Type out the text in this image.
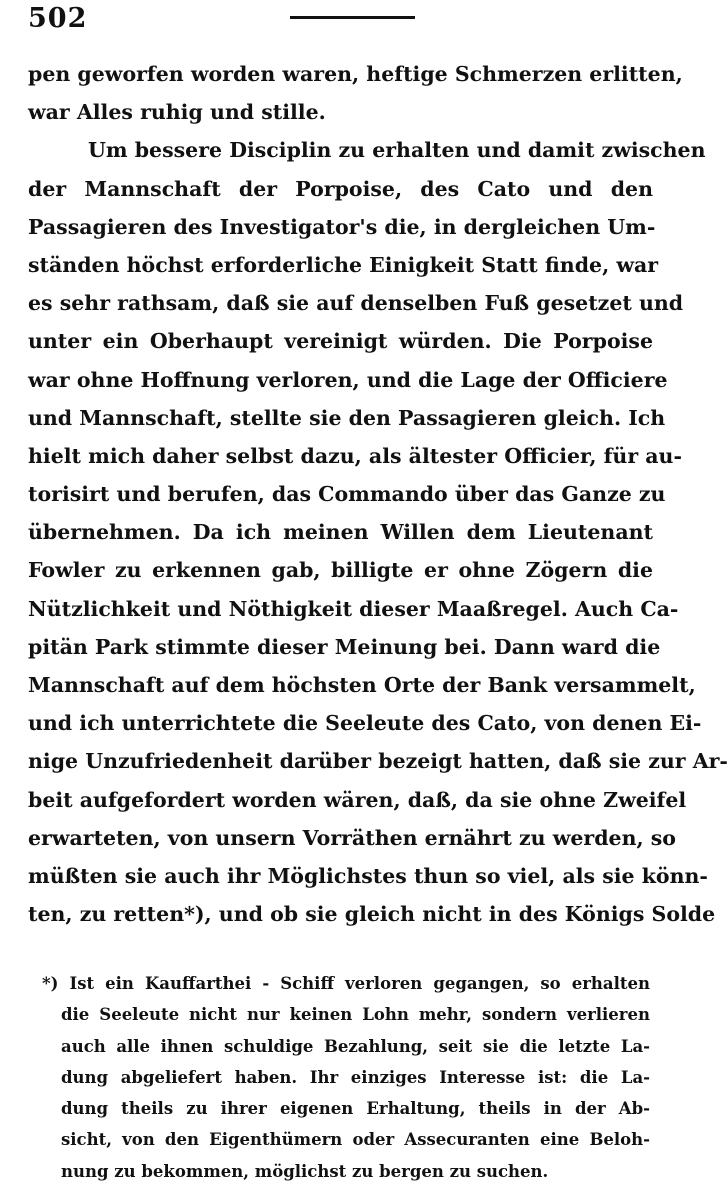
502
pen geworfen worden waren, heftige Schmerzen erlitten,
war Alles ruhig und stille.
Um bessere Disciplin zu erhalten und damit zwischen
der Mannschaft der Porpoise, des Cato und den
Passagieren des Investigator's die, in dergleichen Um-
ständen höchst erforderliche Einigkeit Statt finde, war
es sehr rathsam, daß sie auf denselben Fuß gesetzet und
unter ein Oberhaupt vereinigt würden. Die Porpoise
war ohne Hoffnung verloren, und die Lage der Officiere
und Mannschaft, stellte sie den Passagieren gleich. Ich
hielt mich daher selbst dazu, als ältester Officier, für au-
torisirt und berufen, das Commando über das Ganze zu
übernehmen. Da ich meinen Willen dem Lieutenant
Fowler zu erkennen gab, billigte er ohne Zögern die
Nützlichkeit und Nöthigkeit dieser Maaßregel. Auch Ca-
pitän Park stimmte dieser Meinung bei. Dann ward die
Mannschaft auf dem höchsten Orte der Bank versammelt,
und ich unterrichtete die Seeleute des Cato, von denen Ei-
nige Unzufriedenheit darüber bezeigt hatten, daß sie zur Ar-
beit aufgefordert worden wären, daß, da sie ohne Zweifel
erwarteten, von unsern Vorräthen ernährt zu werden, so
müßten sie auch ihr Möglichstes thun so viel, als sie könn-
ten, zu retten*), und ob sie gleich nicht in des Königs Solde
*) Ist ein Kauffarthei - Schiff verloren gegangen, so erhalten
die Seeleute nicht nur keinen Lohn mehr, sondern verlieren
auch alle ihnen schuldige Bezahlung, seit sie die letzte La-
dung abgeliefert haben. Ihr einziges Interesse ist: die La-
dung theils zu ihrer eigenen Erhaltung, theils in der Ab-
sicht, von den Eigenthümern oder Assecuranten eine Beloh-
nung zu bekommen, möglichst zu bergen zu suchen.
